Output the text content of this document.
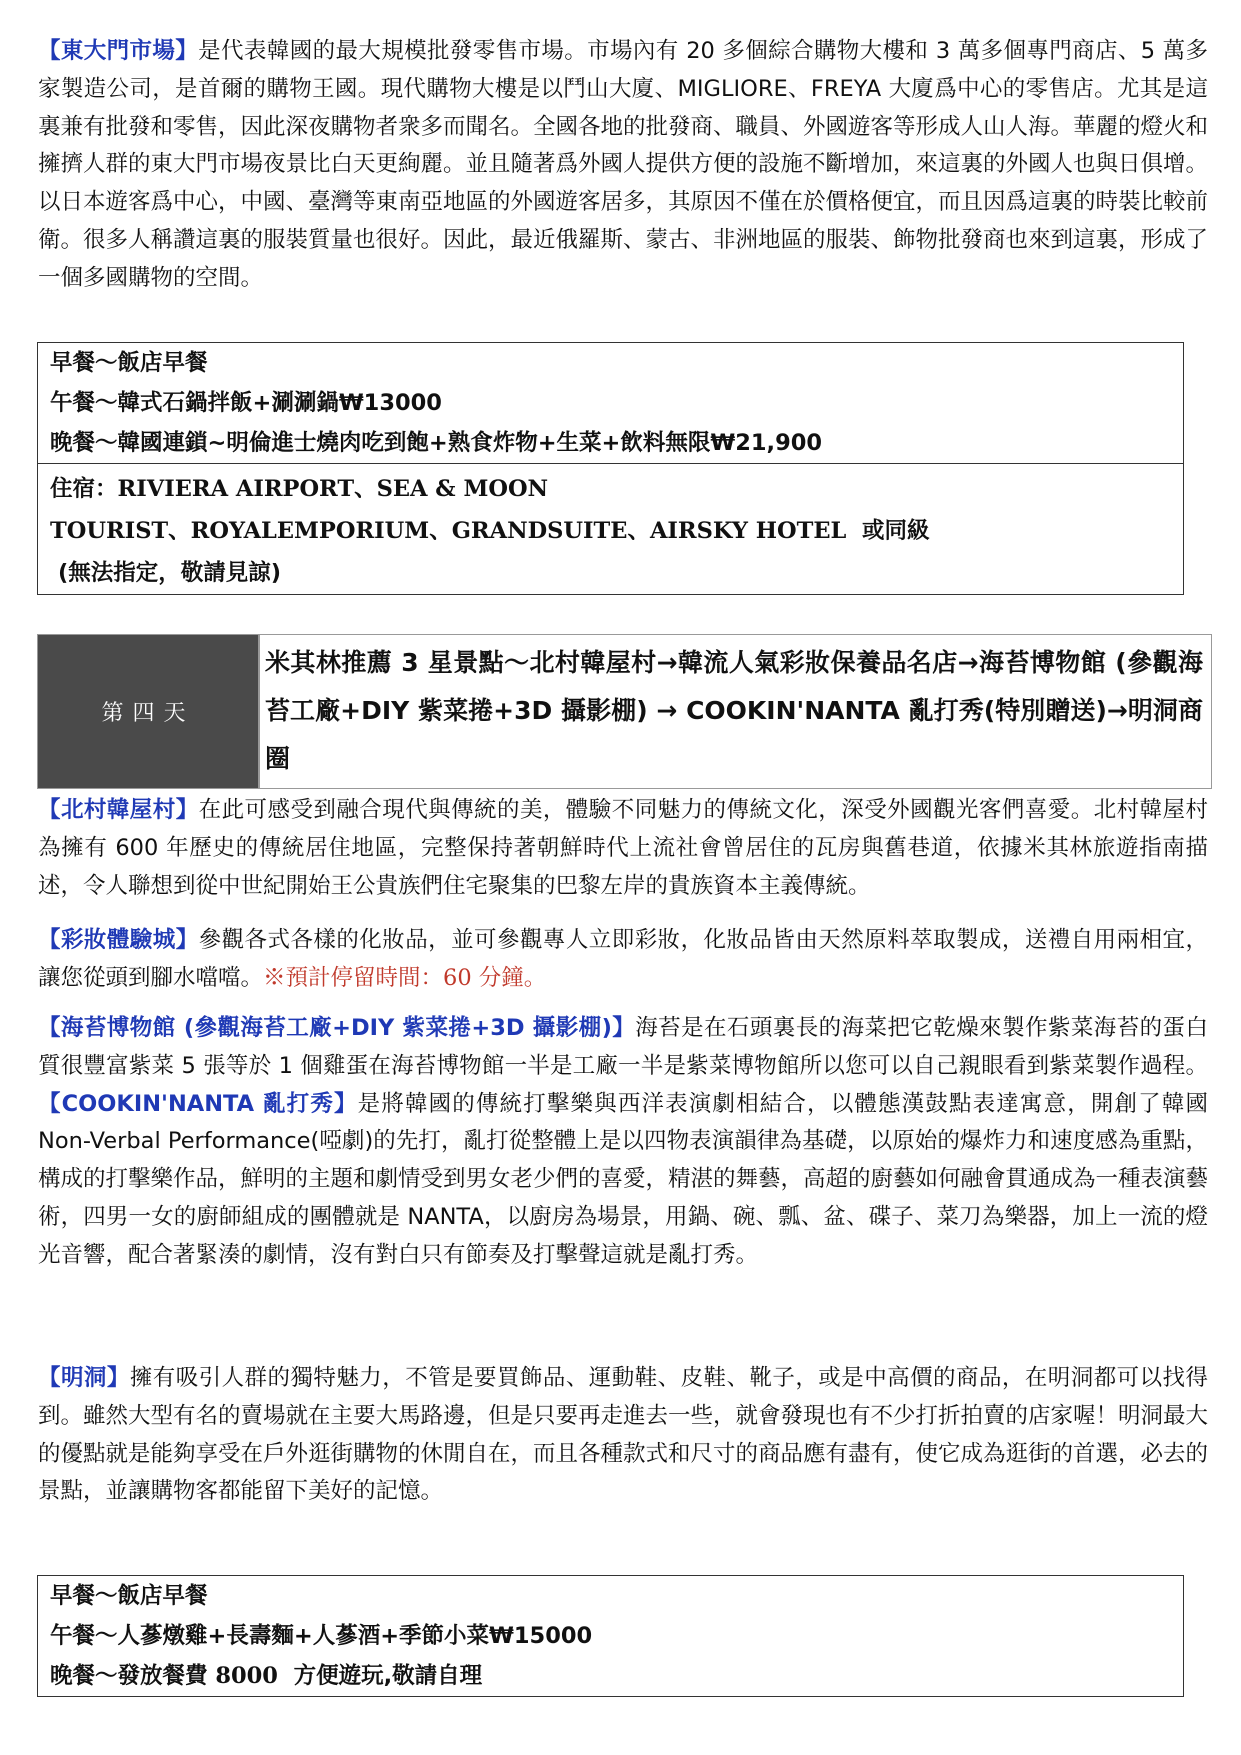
【東大門市場】是代表韓國的最大規模批發零售市場。市場內有 20 多個綜合購物大樓和 3 萬多個專門商店、5 萬多家製造公司，是首爾的購物王國。現代購物大樓是以鬥山大廈、MIGLIORE、FREYA 大廈爲中心的零售店。尤其是這裏兼有批發和零售，因此深夜購物者衆多而聞名。全國各地的批發商、職員、外國遊客等形成人山人海。華麗的燈火和擁擠人群的東大門市場夜景比白天更絢麗。並且隨著爲外國人提供方便的設施不斷增加，來這裏的外國人也與日俱增。以日本遊客爲中心，中國、臺灣等東南亞地區的外國遊客居多，其原因不僅在於價格便宜，而且因爲這裏的時裝比較前衛。很多人稱讚這裏的服裝質量也很好。因此，最近俄羅斯、蒙古、非洲地區的服裝、飾物批發商也來到這裏，形成了一個多國購物的空間。

早餐～飯店早餐
午餐～韓式石鍋拌飯+涮涮鍋₩13000
晚餐～韓國連鎖~明倫進士燒肉吃到飽+熟食炸物+生菜+飲料無限₩21,900
住宿：RIVIERA AIRPORT、SEA & MOON
TOURIST、ROYALEMPORIUM、GRANDSUITE、AIRSKY HOTEL  或同級
(無法指定，敬請見諒)
第四天
米其林推薦 3 星景點～北村韓屋村→韓流人氣彩妝保養品名店→海苔博物館 (參觀海苔工廠+DIY 紫菜捲+3D 攝影棚) → COOKIN'NANTA 亂打秀(特別贈送)→明洞商圈

【北村韓屋村】在此可感受到融合現代與傳統的美，體驗不同魅力的傳統文化，深受外國觀光客們喜愛。北村韓屋村為擁有 600 年歷史的傳統居住地區，完整保持著朝鮮時代上流社會曾居住的瓦房與舊巷道，依據米其林旅遊指南描述，令人聯想到從中世紀開始王公貴族們住宅聚集的巴黎左岸的貴族資本主義傳統。

【彩妝體驗城】參觀各式各樣的化妝品，並可參觀專人立即彩妝，化妝品皆由天然原料萃取製成，送禮自用兩相宜，讓您從頭到腳水噹噹。※預計停留時間：60 分鐘。

【海苔博物館 (參觀海苔工廠+DIY 紫菜捲+3D 攝影棚)】海苔是在石頭裏長的海菜把它乾燥來製作紫菜海苔的蛋白質很豐富紫菜 5 張等於 1 個雞蛋在海苔博物館一半是工廠一半是紫菜博物館所以您可以自己親眼看到紫菜製作過程。【COOKIN'NANTA 亂打秀】是將韓國的傳統打擊樂與西洋表演劇相結合，以體態漢鼓點表達寓意，開創了韓國 Non-Verbal Performance(啞劇)的先打，亂打從整體上是以四物表演韻律為基礎，以原始的爆炸力和速度感為重點，構成的打擊樂作品，鮮明的主題和劇情受到男女老少們的喜愛，精湛的舞藝，高超的廚藝如何融會貫通成為一種表演藝術，四男一女的廚師組成的團體就是 NANTA，以廚房為場景，用鍋、碗、瓢、盆、碟子、菜刀為樂器，加上一流的燈光音響，配合著緊湊的劇情，沒有對白只有節奏及打擊聲這就是亂打秀。

【明洞】擁有吸引人群的獨特魅力，不管是要買飾品、運動鞋、皮鞋、靴子，或是中高價的商品，在明洞都可以找得到。雖然大型有名的賣場就在主要大馬路邊，但是只要再走進去一些，就會發現也有不少打折拍賣的店家喔！明洞最大的優點就是能夠享受在戶外逛街購物的休閒自在，而且各種款式和尺寸的商品應有盡有，使它成為逛街的首選，必去的景點，並讓購物客都能留下美好的記憶。

早餐～飯店早餐
午餐～人蔘燉雞+長壽麵+人蔘酒+季節小菜₩15000
晚餐～發放餐費 8000  方便遊玩,敬請自理
